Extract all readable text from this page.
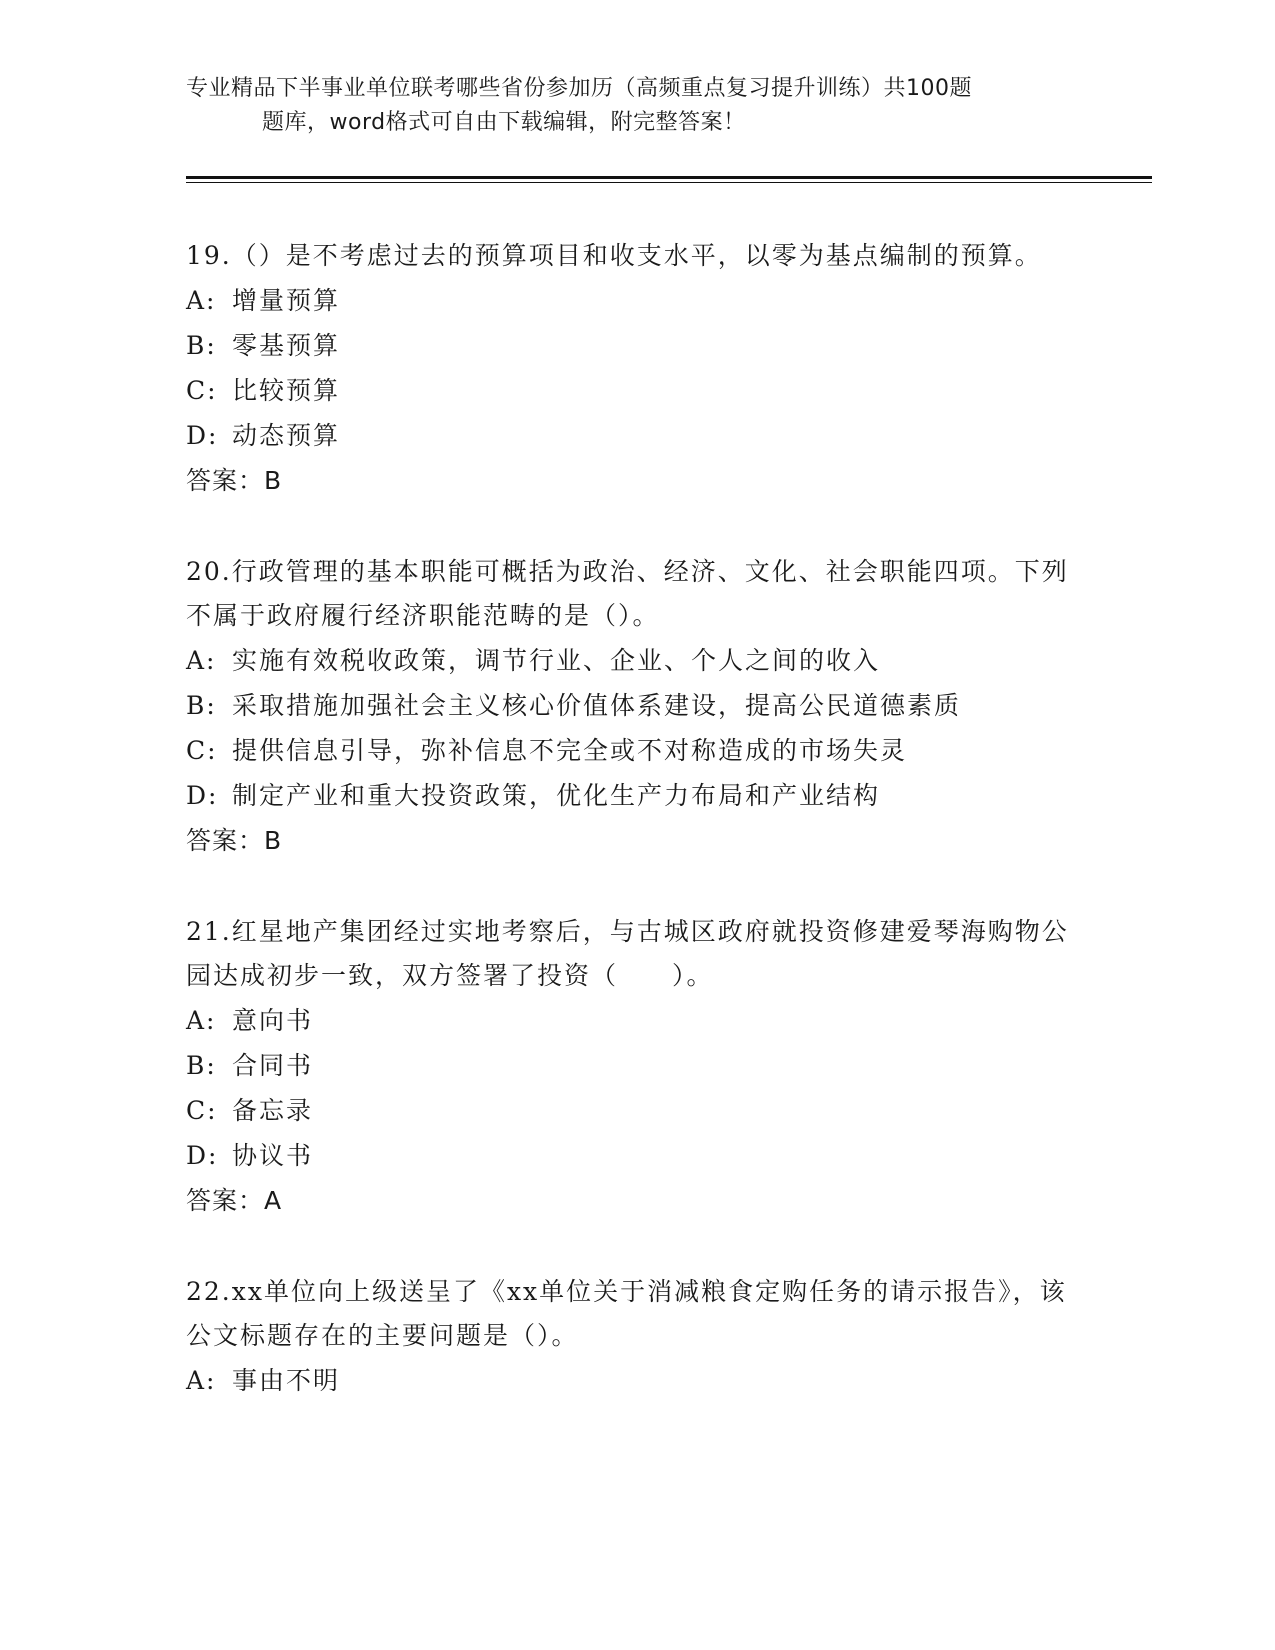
专业精品下半事业单位联考哪些省份参加历（高频重点复习提升训练）共100题
题库，word格式可自由下载编辑，附完整答案！

19.（）是不考虑过去的预算项目和收支水平，以零为基点编制的预算。

A: 增量预算
B: 零基预算
C: 比较预算
D: 动态预算

答案：B

20.行政管理的基本职能可概括为政治、经济、文化、社会职能四项。下列不属于政府履行经济职能范畴的是（）。

A: 实施有效税收政策，调节行业、企业、个人之间的收入
B: 采取措施加强社会主义核心价值体系建设，提高公民道德素质
C: 提供信息引导，弥补信息不完全或不对称造成的市场失灵
D: 制定产业和重大投资政策，优化生产力布局和产业结构

答案：B

21.红星地产集团经过实地考察后，与古城区政府就投资修建爱琴海购物公园达成初步一致，双方签署了投资（　　）。

A: 意向书
B: 合同书
C: 备忘录
D: 协议书

答案：A

22.xx单位向上级送呈了《xx单位关于消减粮食定购任务的请示报告》，该公文标题存在的主要问题是（）。

A: 事由不明
